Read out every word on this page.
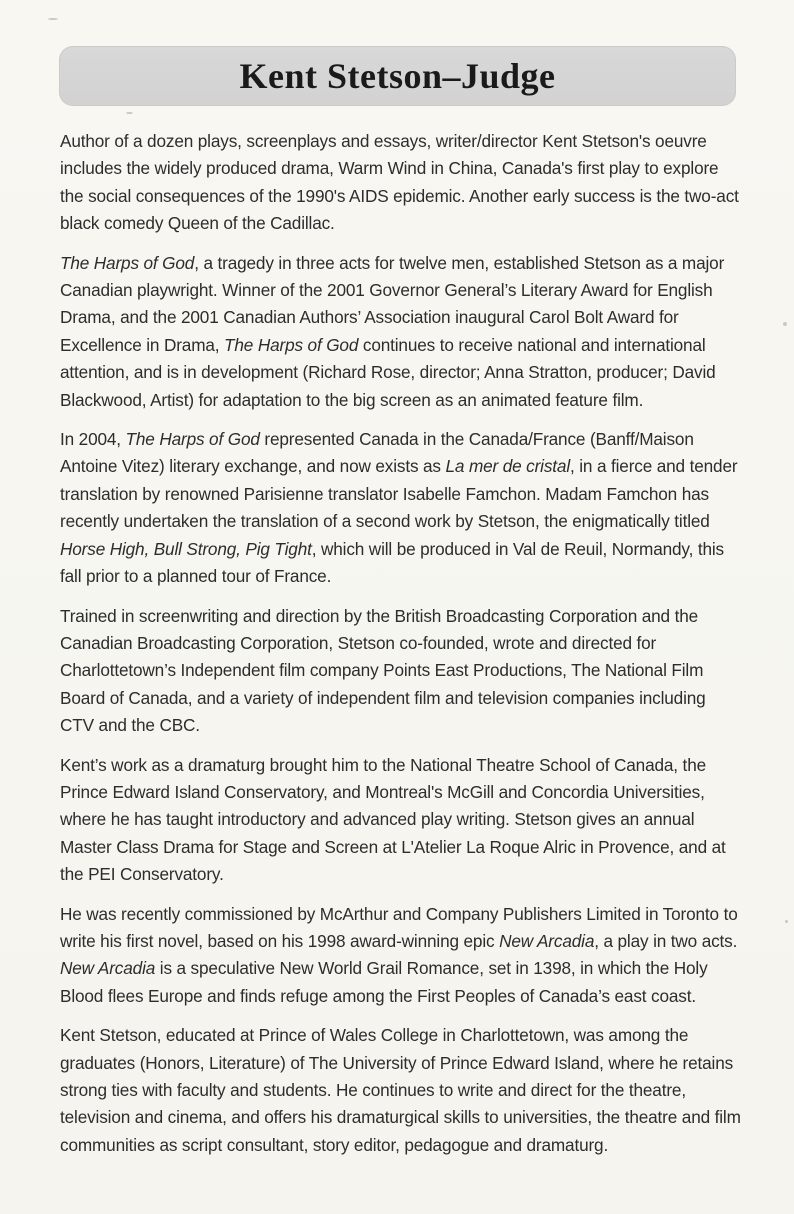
Kent Stetson–Judge

Author of a dozen plays, screenplays and essays, writer/director Kent Stetson's oeuvre includes the widely produced drama, Warm Wind in China, Canada's first play to explore the social consequences of the 1990's AIDS epidemic. Another early success is the two-act black comedy Queen of the Cadillac.

The Harps of God, a tragedy in three acts for twelve men, established Stetson as a major Canadian playwright. Winner of the 2001 Governor General’s Literary Award for English Drama, and the 2001 Canadian Authors’ Association inaugural Carol Bolt Award for Excellence in Drama, The Harps of God continues to receive national and international attention, and is in development (Richard Rose, director; Anna Stratton, producer; David Blackwood, Artist) for adaptation to the big screen as an animated feature film.

In 2004, The Harps of God represented Canada in the Canada/France (Banff/Maison Antoine Vitez) literary exchange, and now exists as La mer de cristal, in a fierce and tender translation by renowned Parisienne translator Isabelle Famchon. Madam Famchon has recently undertaken the translation of a second work by Stetson, the enigmatically titled Horse High, Bull Strong, Pig Tight, which will be produced in Val de Reuil, Normandy, this fall prior to a planned tour of France.

Trained in screenwriting and direction by the British Broadcasting Corporation and the Canadian Broadcasting Corporation, Stetson co-founded, wrote and directed for Charlottetown’s Independent film company Points East Productions, The National Film Board of Canada, and a variety of independent film and television companies including CTV and the CBC.

Kent’s work as a dramaturg brought him to the National Theatre School of Canada, the Prince Edward Island Conservatory, and Montreal's McGill and Concordia Universities, where he has taught introductory and advanced play writing. Stetson gives an annual Master Class Drama for Stage and Screen at L'Atelier La Roque Alric in Provence, and at the PEI Conservatory.

He was recently commissioned by McArthur and Company Publishers Limited in Toronto to write his first novel, based on his 1998 award-winning epic New Arcadia, a play in two acts. New Arcadia is a speculative New World Grail Romance, set in 1398, in which the Holy Blood flees Europe and finds refuge among the First Peoples of Canada’s east coast.

Kent Stetson, educated at Prince of Wales College in Charlottetown, was among the graduates (Honors, Literature) of The University of Prince Edward Island, where he retains strong ties with faculty and students. He continues to write and direct for the theatre, television and cinema, and offers his dramaturgical skills to universities, the theatre and film communities as script consultant, story editor, pedagogue and dramaturg.
